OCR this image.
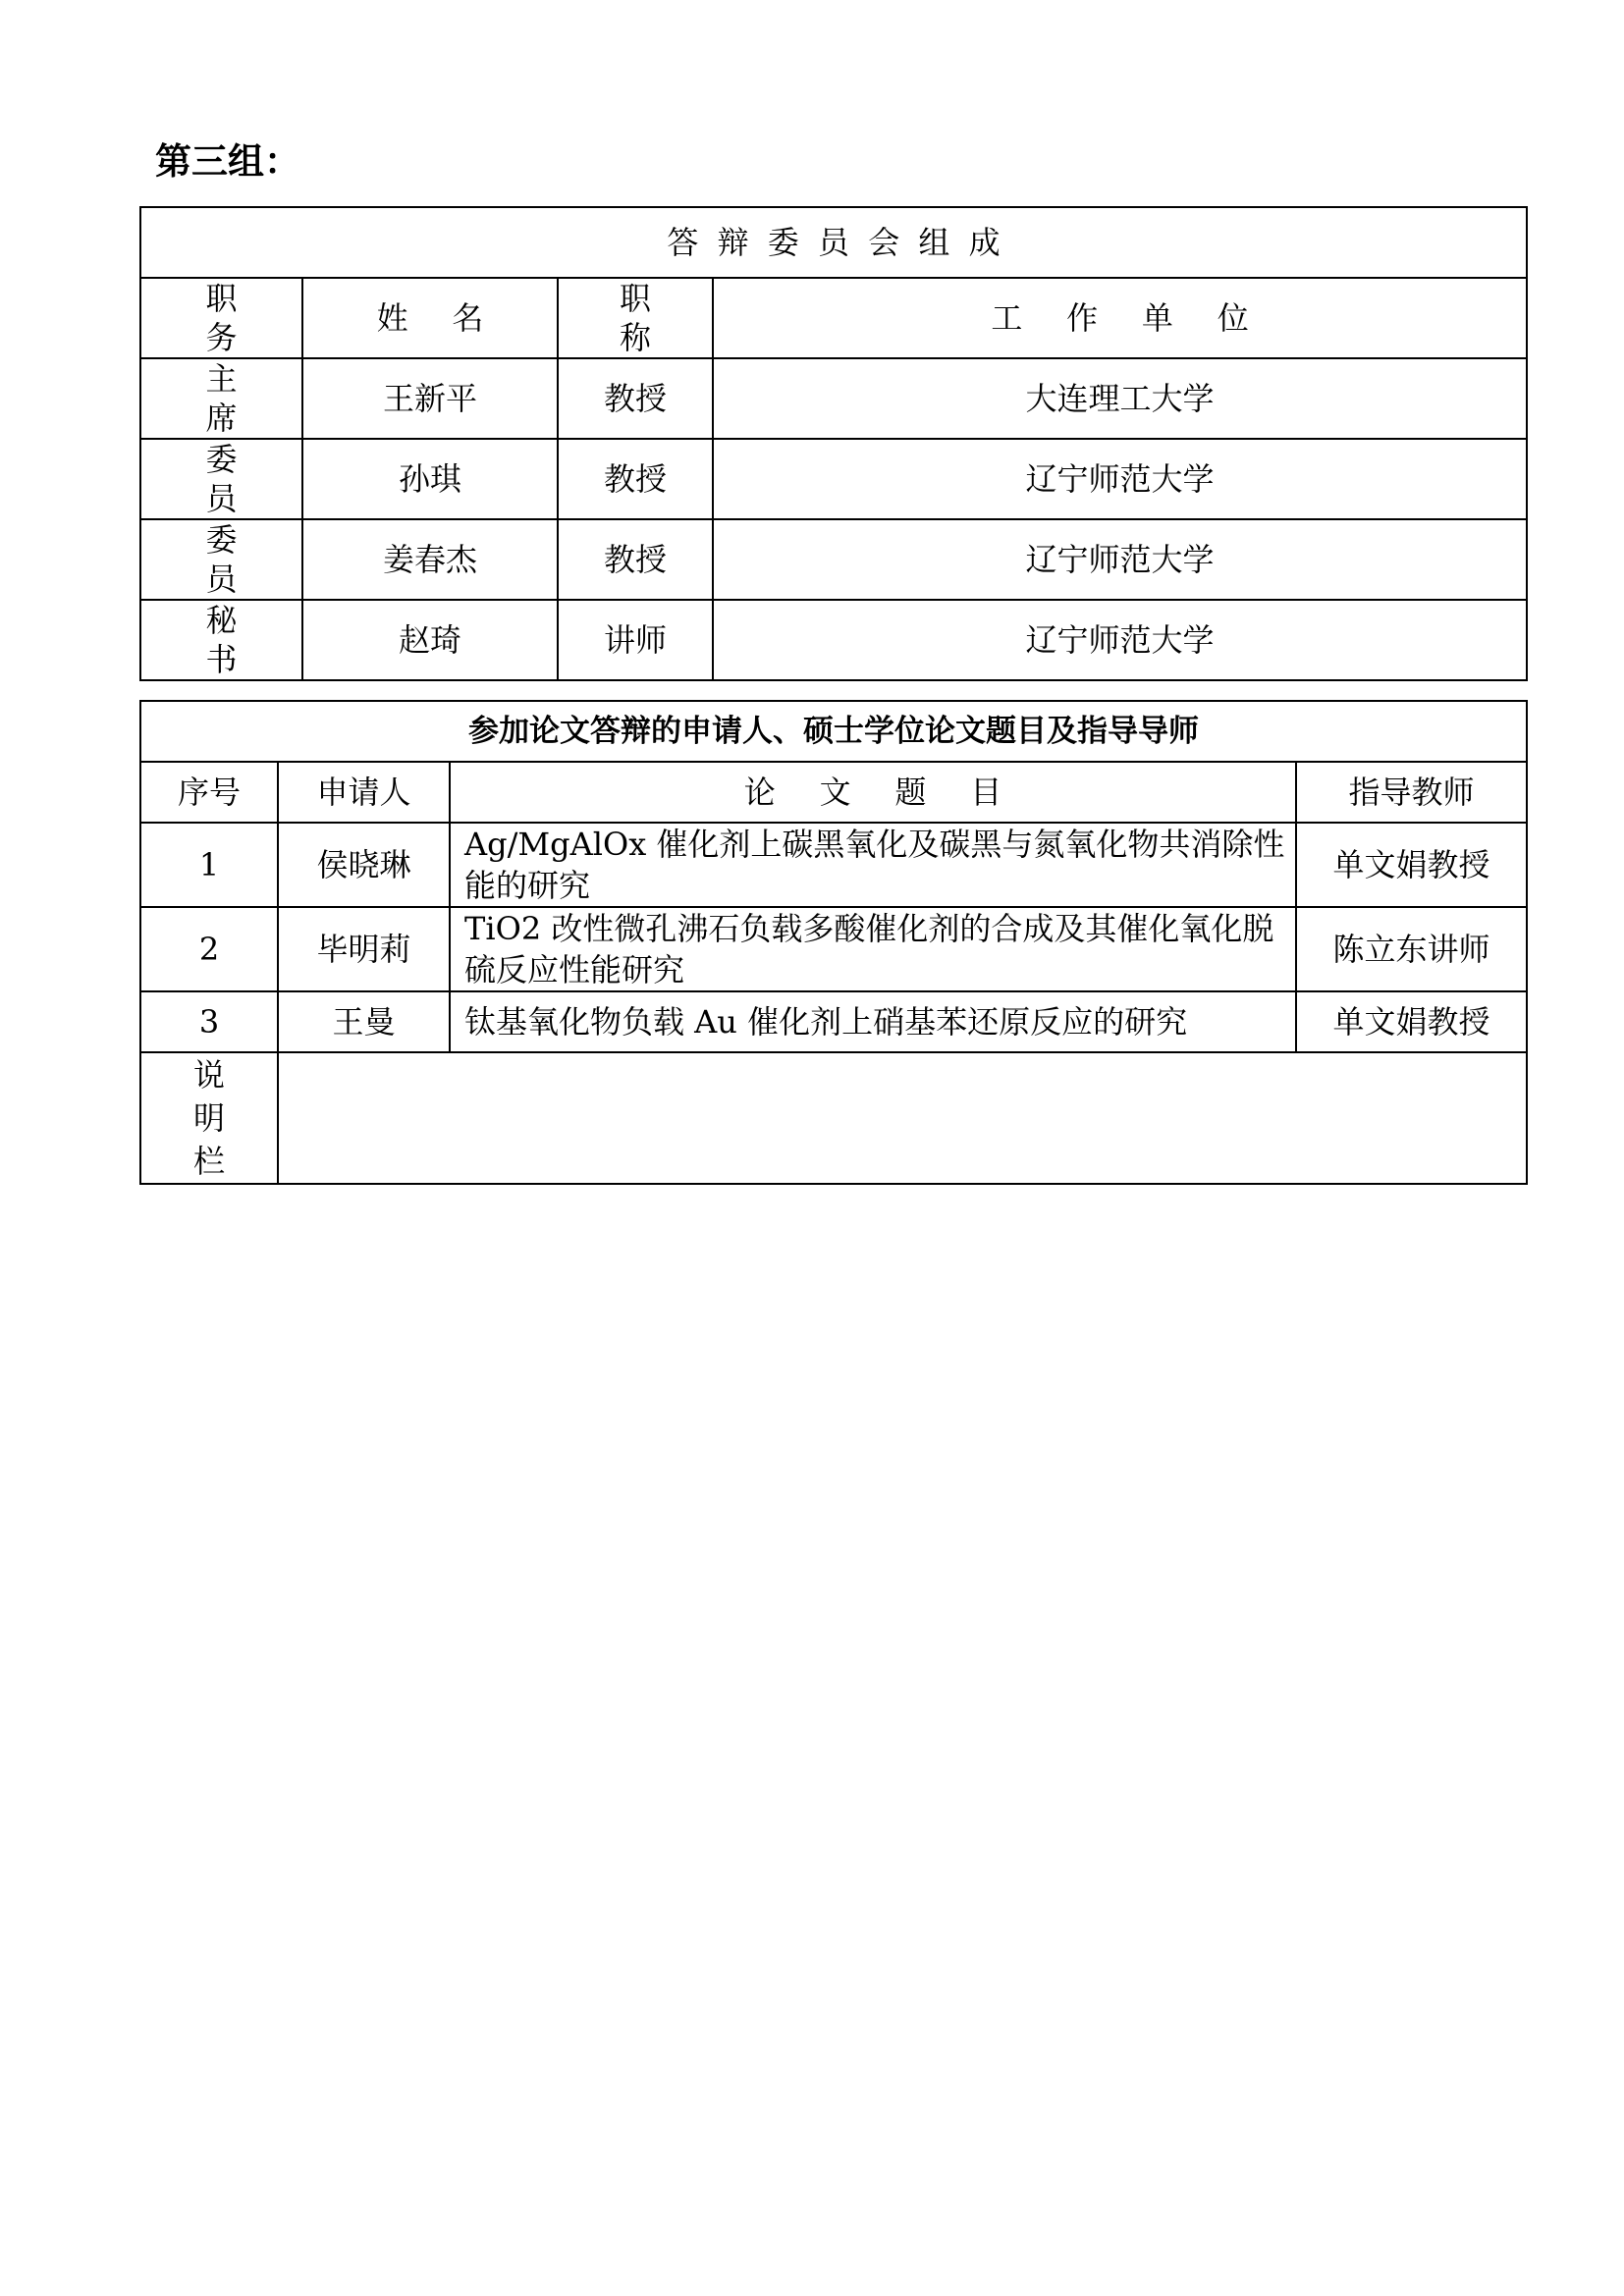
第三组：
答辩委员会组成			
职务	姓名	职称	工作单位
主席	王新平	教授	大连理工大学
委员	孙琪	教授	辽宁师范大学
委员	姜春杰	教授	辽宁师范大学
秘书	赵琦	讲师	辽宁师范大学
参加论文答辩的申请人、硕士学位论文题目及指导导师			
序号	申请人	论文题目	指导教师
1	侯晓琳	Ag/MgAlOx 催化剂上碳黑氧化及碳黑与氮氧化物共消除性能的研究	单文娟教授
2	毕明莉	TiO2 改性微孔沸石负载多酸催化剂的合成及其催化氧化脱硫反应性能研究	陈立东讲师
3	王曼	钛基氧化物负载 Au 催化剂上硝基苯还原反应的研究	单文娟教授
说明栏			
